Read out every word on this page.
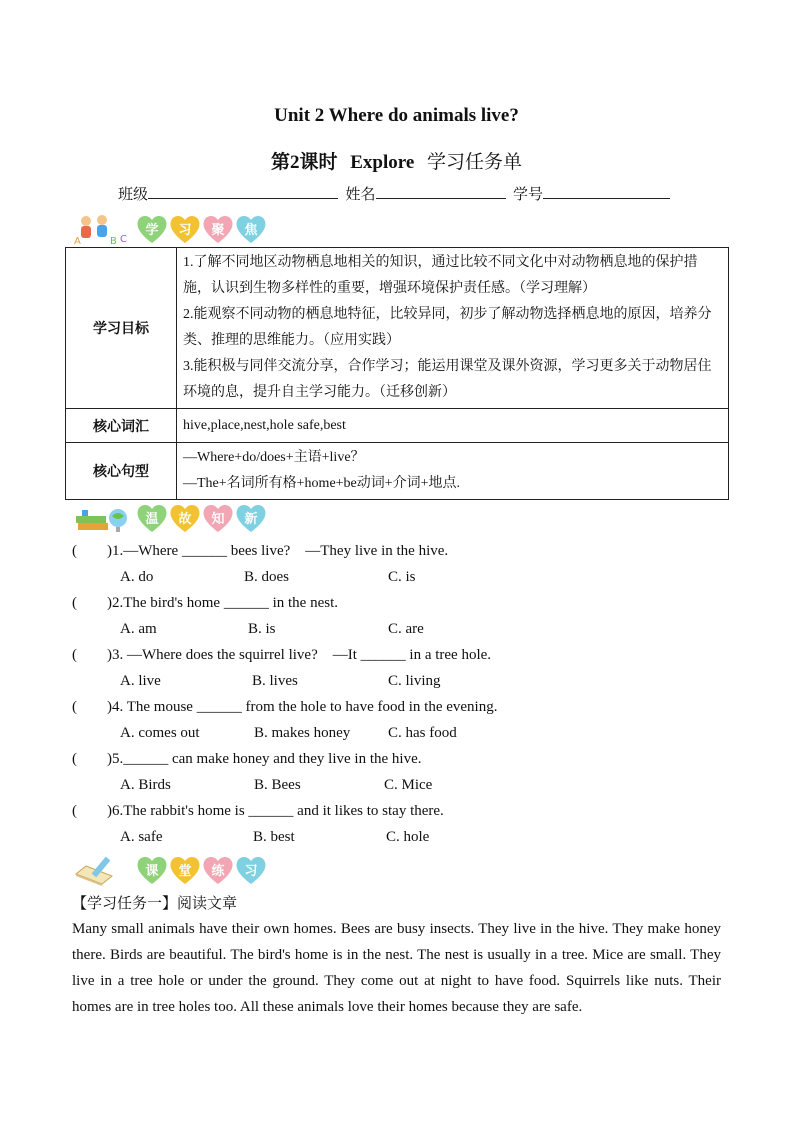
Unit 2 Where do animals live?
第2课时 Explore 学习任务单
班级	姓名	学号
A	B C
学	习	聚	焦
学习目标	1.了解不同地区动物栖息地相关的知识，通过比较不同文化中对动物栖息地的保护措施，认识到生物多样性的重要，增强环境保护责任感。（学习理解）
2.能观察不同动物的栖息地特征，比较异同，初步了解动物选择栖息地的原因，培养分类、推理的思维能力。（应用实践）
3.能积极与同伴交流分享，合作学习；能运用课堂及课外资源，学习更多关于动物居住环境的息，提升自主学习能力。（迁移创新）

核心词汇	hive,place,nest,hole safe,best
核心句型	—Where+do/does+主语+live？
—The+名词所有格+home+be动词+介词+地点.
温	故	知	新
(　　)1.—Where ______ bees live?　—They live in the hive.
A. do	B. does	C. is
(　　)2.The bird's home ______ in the nest.
A. am	B. is	C. are
(　　)3. —Where does the squirrel live?　—It ______ in a tree hole.
A. live	B. lives	C. living
(　　)4. The mouse ______ from the hole to have food in the evening.
A. comes out	B. makes honey	C. has food
(　　)5.______ can make honey and they live in the hive.
A. Birds	B. Bees	C. Mice
(　　)6.The rabbit's home is ______ and it likes to stay there.
A. safe	B. best	C. hole
课	堂	练	习
【学习任务一】阅读文章
Many small animals have their own homes. Bees are busy insects. They live in the hive. They make honey there. Birds are beautiful. The bird's home is in the nest. The nest is usually in a tree. Mice are small. They live in a tree hole or under the ground. They come out at night to have food. Squirrels like nuts. Their homes are in tree holes too. All these animals love their homes because they are safe.
